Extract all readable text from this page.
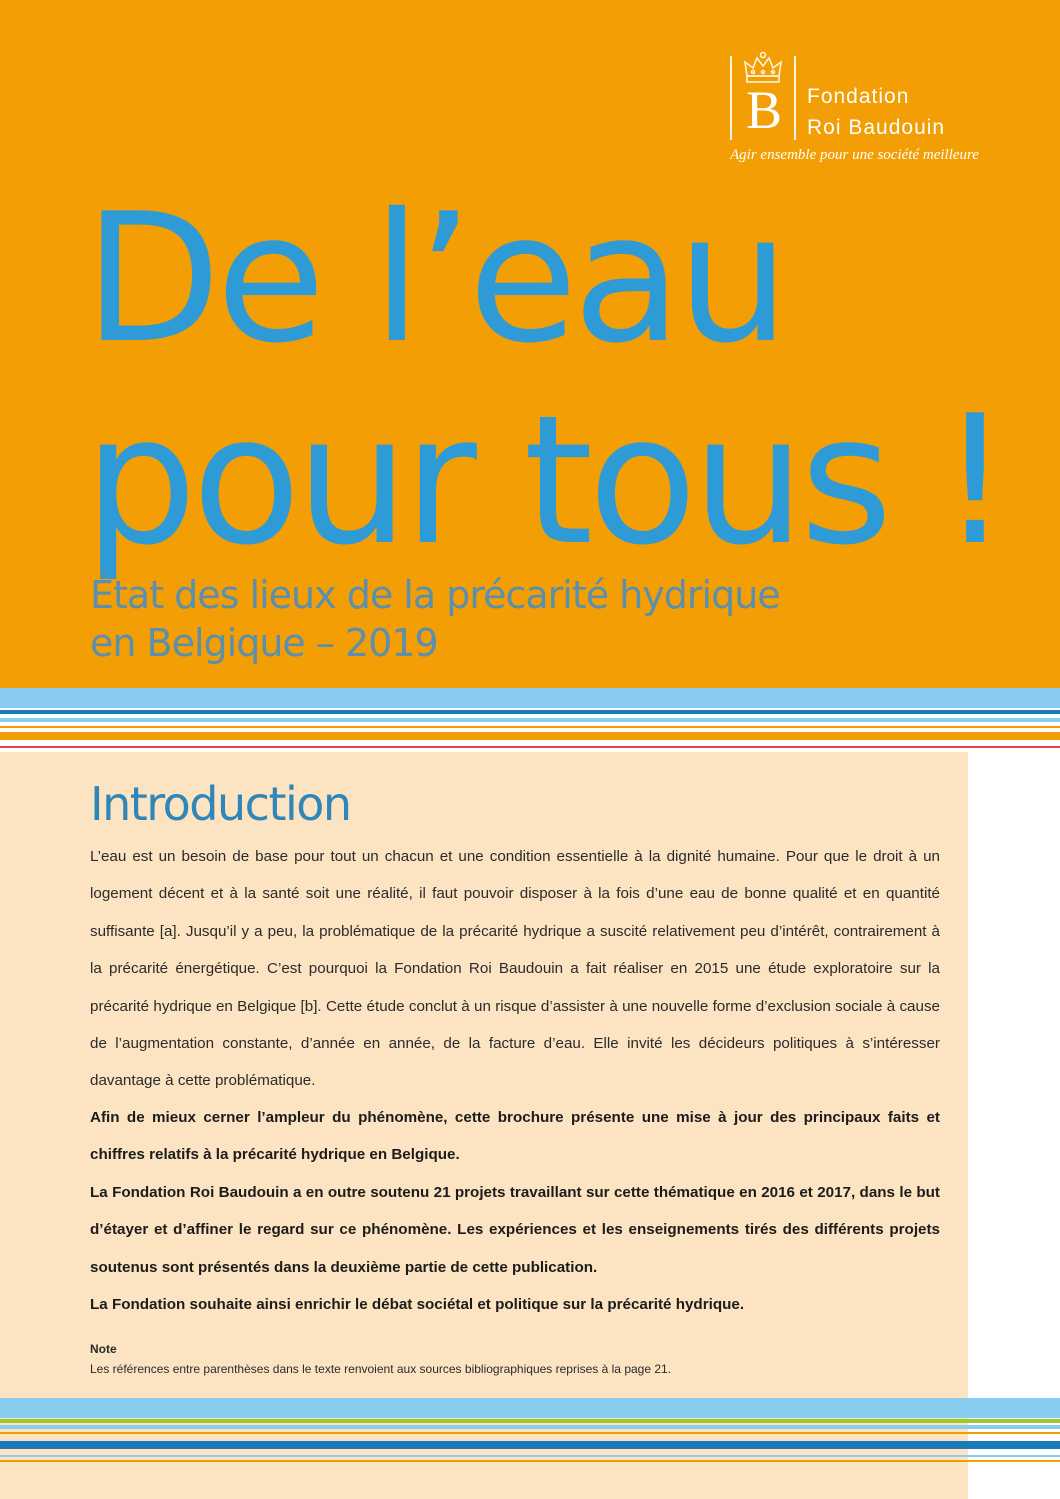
B Fondation
Roi Baudouin
Agir ensemble pour une société meilleure
De l’eau
pour tous !
État des lieux de la précarité hydrique
en Belgique – 2019
Introduction

L’eau est un besoin de base pour tout un chacun et une condition essentielle à la dignité humaine. Pour que le droit à un logement décent et à la santé soit une réalité, il faut pouvoir disposer à la fois d’une eau de bonne qualité et en quantité suffisante [a]. Jusqu’il y a peu, la problématique de la précarité hydrique a suscité relativement peu d’intérêt, contrairement à la précarité énergétique. C’est pourquoi la Fondation Roi Baudouin a fait réaliser en 2015 une étude exploratoire sur la précarité hydrique en Belgique [b]. Cette étude conclut à un risque d’assister à une nouvelle forme d’exclusion sociale à cause de l’augmentation constante, d’année en année, de la facture d’eau. Elle invité les décideurs politiques à s’intéresser davantage à cette problématique.

Afin de mieux cerner l’ampleur du phénomène, cette brochure présente une mise à jour des principaux faits et chiffres relatifs à la précarité hydrique en Belgique.

La Fondation Roi Baudouin a en outre soutenu 21 projets travaillant sur cette thématique en 2016 et 2017, dans le but d’étayer et d’affiner le regard sur ce phénomène. Les expériences et les enseignements tirés des différents projets soutenus sont présentés dans la deuxième partie de cette publication.

La Fondation souhaite ainsi enrichir le débat sociétal et politique sur la précarité hydrique.

Note
Les références entre parenthèses dans le texte renvoient aux sources bibliographiques reprises à la page 21.
